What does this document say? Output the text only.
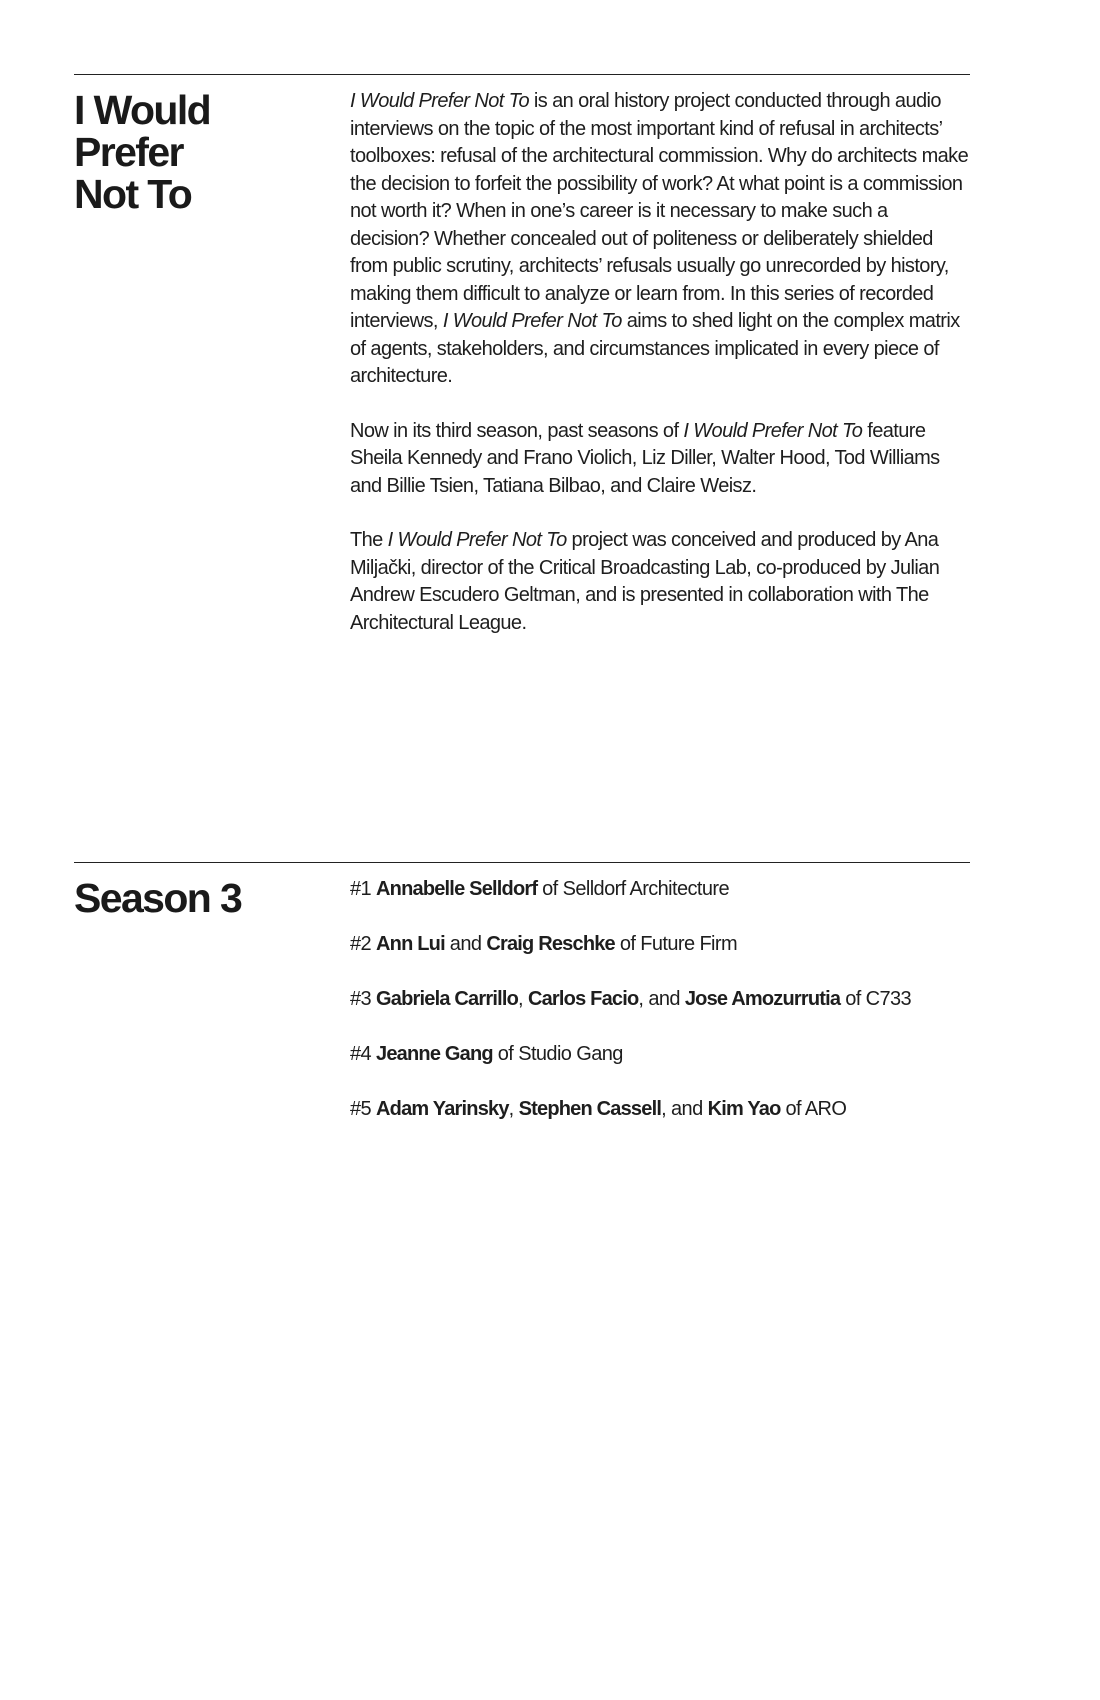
I Would
Prefer
Not To

I Would Prefer Not To is an oral history project conducted through audio interviews on the topic of the most important kind of refusal in architects’ toolboxes: refusal of the architectural commission. Why do architects make the decision to forfeit the possibility of work? At what point is a commission not worth it? When in one’s career is it necessary to make such a decision? Whether concealed out of politeness or deliberately shielded from public scrutiny, architects’ refusals usually go unrecorded by history, making them difficult to analyze or learn from. In this series of recorded interviews, I Would Prefer Not To aims to shed light on the complex matrix of agents, stakeholders, and circumstances implicated in every piece of architecture.

Now in its third season, past seasons of I Would Prefer Not To feature Sheila Kennedy and Frano Violich, Liz Diller, Walter Hood, Tod Williams and Billie Tsien, Tatiana Bilbao, and Claire Weisz.

The I Would Prefer Not To project was conceived and produced by Ana Miljački, director of the Critical Broadcasting Lab, co-produced by Julian Andrew Escudero Geltman, and is presented in collaboration with The Architectural League.

Season 3	#1 Annabelle Selldorf of Selldorf Architecture
#2 Ann Lui and Craig Reschke of Future Firm
#3 Gabriela Carrillo, Carlos Facio, and Jose Amozurrutia of C733
#4 Jeanne Gang of Studio Gang
#5 Adam Yarinsky, Stephen Cassell, and Kim Yao of ARO
